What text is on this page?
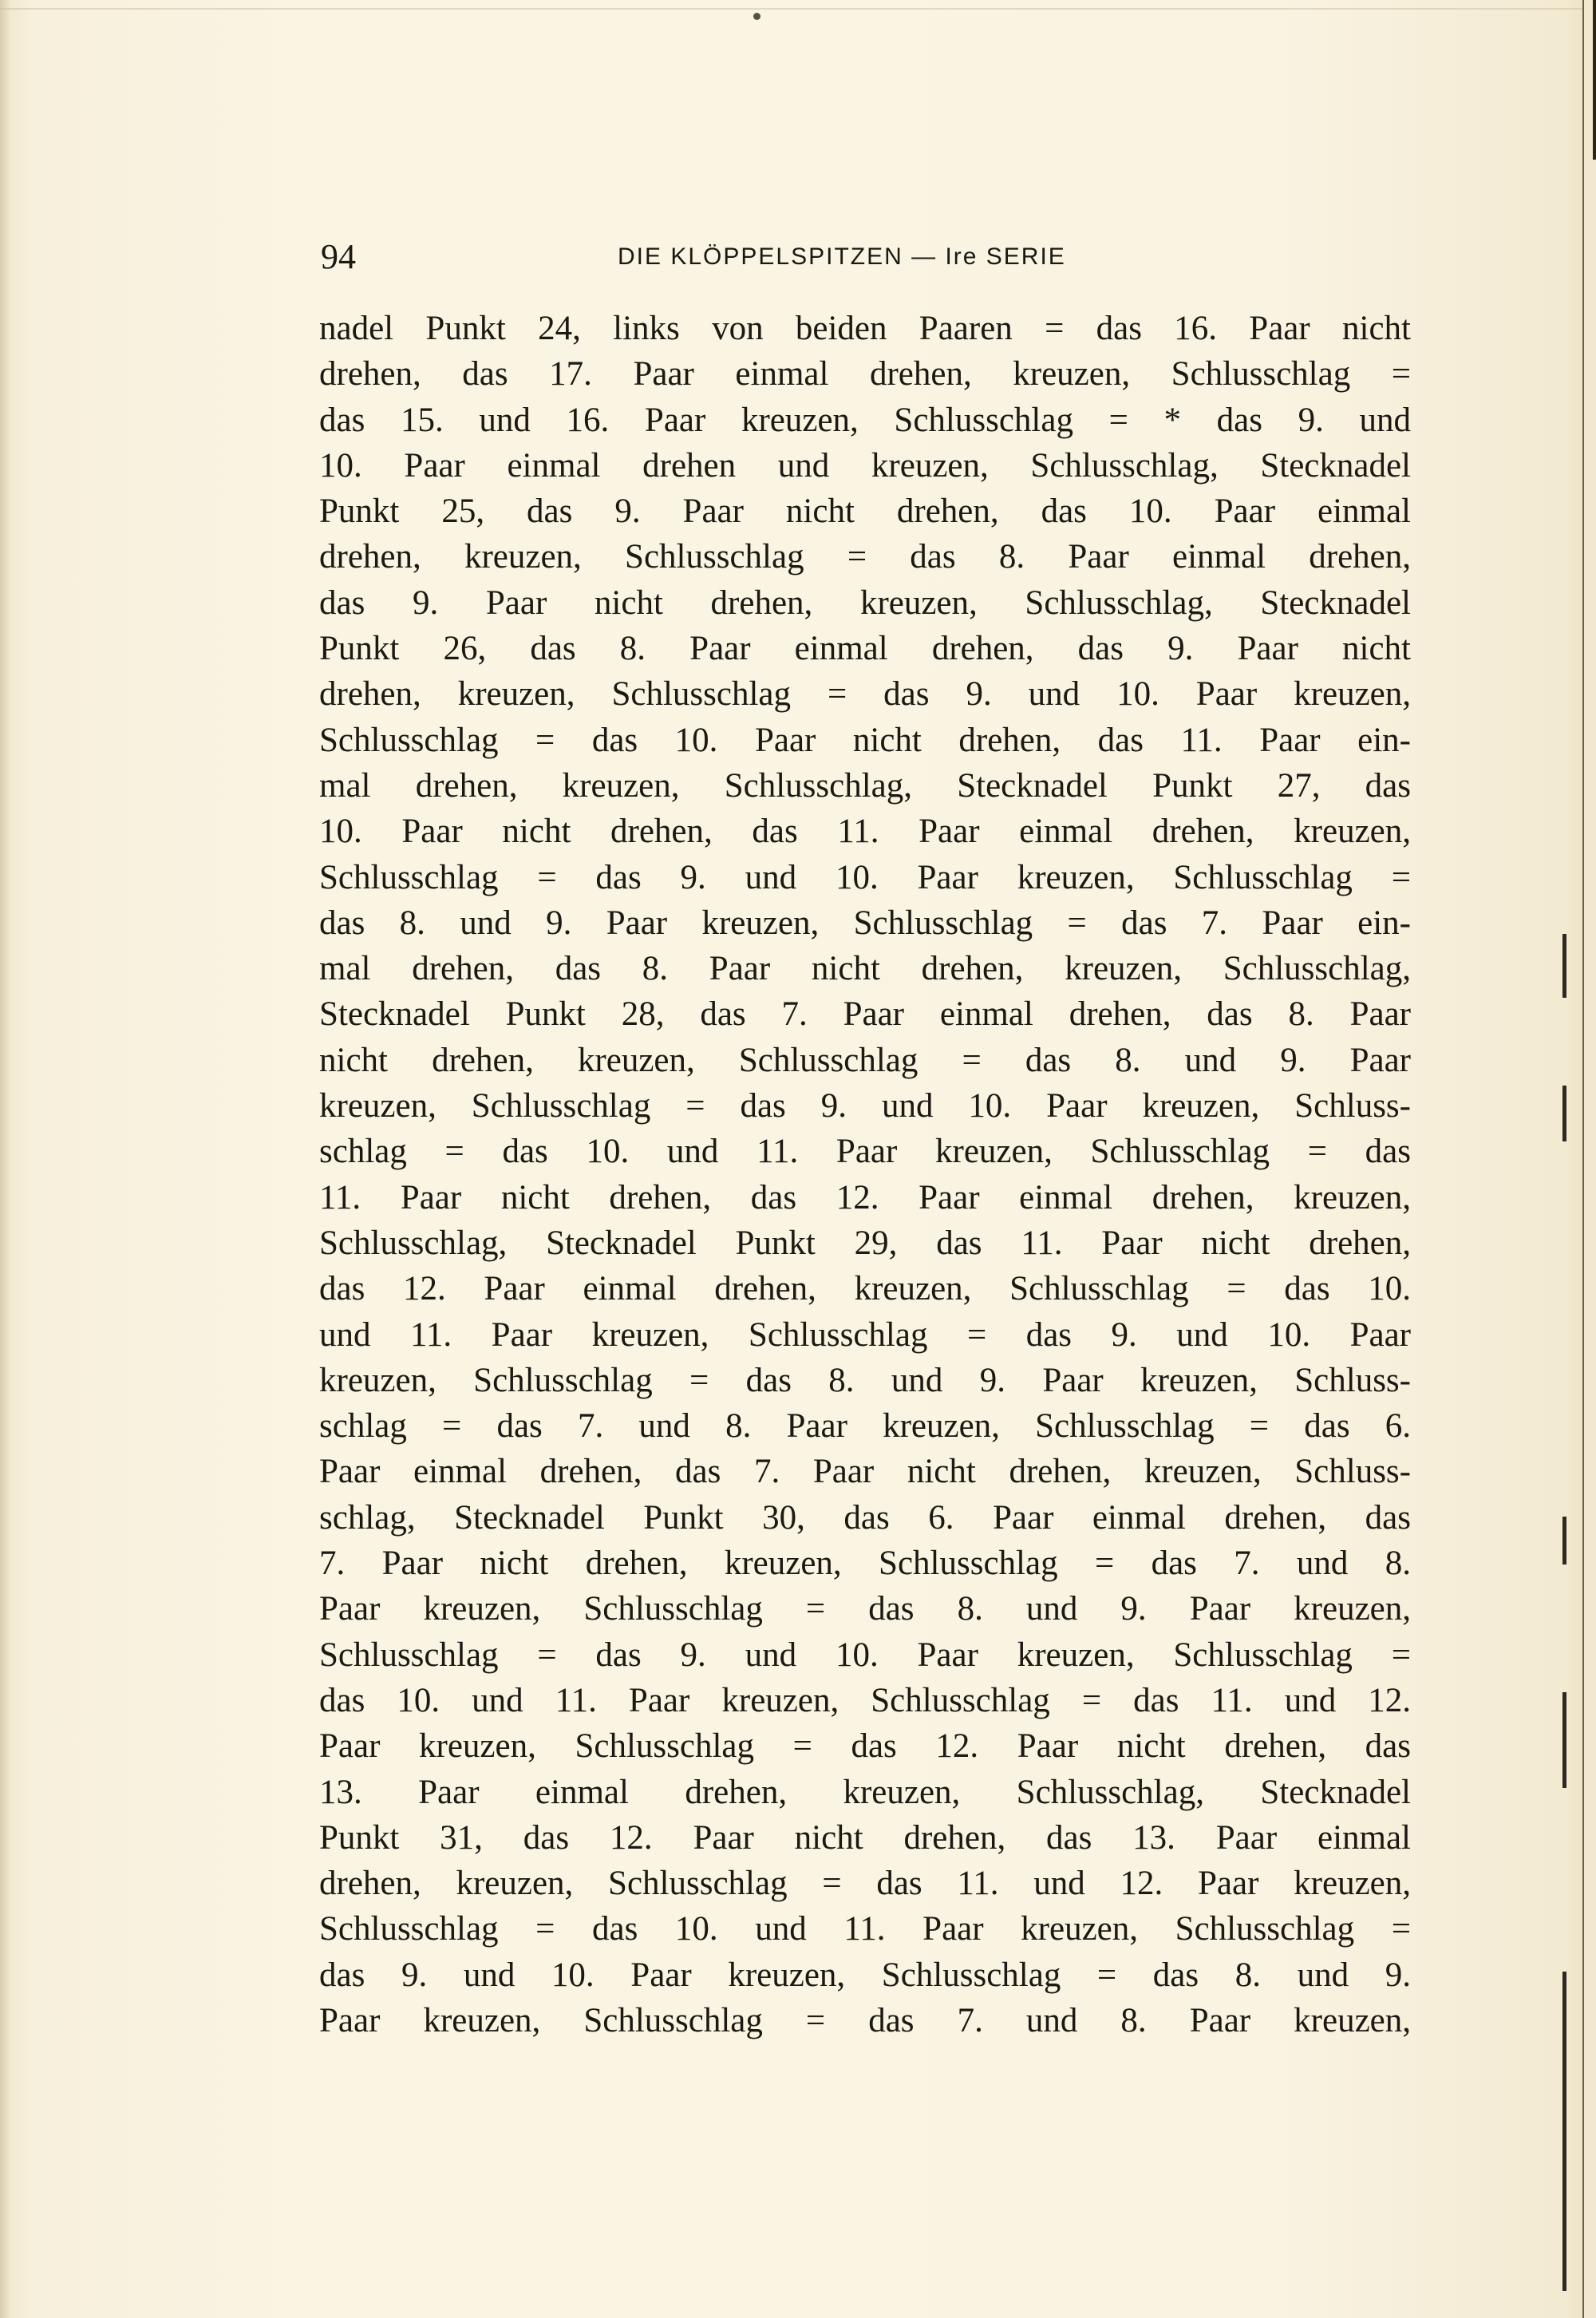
94	DIE KLÖPPELSPITZEN — Ire SERIE
nadel Punkt 24, links von beiden Paaren = das 16. Paar nicht
drehen, das 17. Paar einmal drehen, kreuzen, Schlusschlag =
das 15. und 16. Paar kreuzen, Schlusschlag = * das 9. und
10. Paar einmal drehen und kreuzen, Schlusschlag, Stecknadel
Punkt 25, das 9. Paar nicht drehen, das 10. Paar einmal
drehen, kreuzen, Schlusschlag = das 8. Paar einmal drehen,
das 9. Paar nicht drehen, kreuzen, Schlusschlag, Stecknadel
Punkt 26, das 8. Paar einmal drehen, das 9. Paar nicht
drehen, kreuzen, Schlusschlag = das 9. und 10. Paar kreuzen,
Schlusschlag = das 10. Paar nicht drehen, das 11. Paar ein-
mal drehen, kreuzen, Schlusschlag, Stecknadel Punkt 27, das
10. Paar nicht drehen, das 11. Paar einmal drehen, kreuzen,
Schlusschlag = das 9. und 10. Paar kreuzen, Schlusschlag =
das 8. und 9. Paar kreuzen, Schlusschlag = das 7. Paar ein-
mal drehen, das 8. Paar nicht drehen, kreuzen, Schlusschlag,
Stecknadel Punkt 28, das 7. Paar einmal drehen, das 8. Paar
nicht drehen, kreuzen, Schlusschlag = das 8. und 9. Paar
kreuzen, Schlusschlag = das 9. und 10. Paar kreuzen, Schluss-
schlag = das 10. und 11. Paar kreuzen, Schlusschlag = das
11. Paar nicht drehen, das 12. Paar einmal drehen, kreuzen,
Schlusschlag, Stecknadel Punkt 29, das 11. Paar nicht drehen,
das 12. Paar einmal drehen, kreuzen, Schlusschlag = das 10.
und 11. Paar kreuzen, Schlusschlag = das 9. und 10. Paar
kreuzen, Schlusschlag = das 8. und 9. Paar kreuzen, Schluss-
schlag = das 7. und 8. Paar kreuzen, Schlusschlag = das 6.
Paar einmal drehen, das 7. Paar nicht drehen, kreuzen, Schluss-
schlag, Stecknadel Punkt 30, das 6. Paar einmal drehen, das
7. Paar nicht drehen, kreuzen, Schlusschlag = das 7. und 8.
Paar kreuzen, Schlusschlag = das 8. und 9. Paar kreuzen,
Schlusschlag = das 9. und 10. Paar kreuzen, Schlusschlag =
das 10. und 11. Paar kreuzen, Schlusschlag = das 11. und 12.
Paar kreuzen, Schlusschlag = das 12. Paar nicht drehen, das
13. Paar einmal drehen, kreuzen, Schlusschlag, Stecknadel
Punkt 31, das 12. Paar nicht drehen, das 13. Paar einmal
drehen, kreuzen, Schlusschlag = das 11. und 12. Paar kreuzen,
Schlusschlag = das 10. und 11. Paar kreuzen, Schlusschlag =
das 9. und 10. Paar kreuzen, Schlusschlag = das 8. und 9.
Paar kreuzen, Schlusschlag = das 7. und 8. Paar kreuzen,
